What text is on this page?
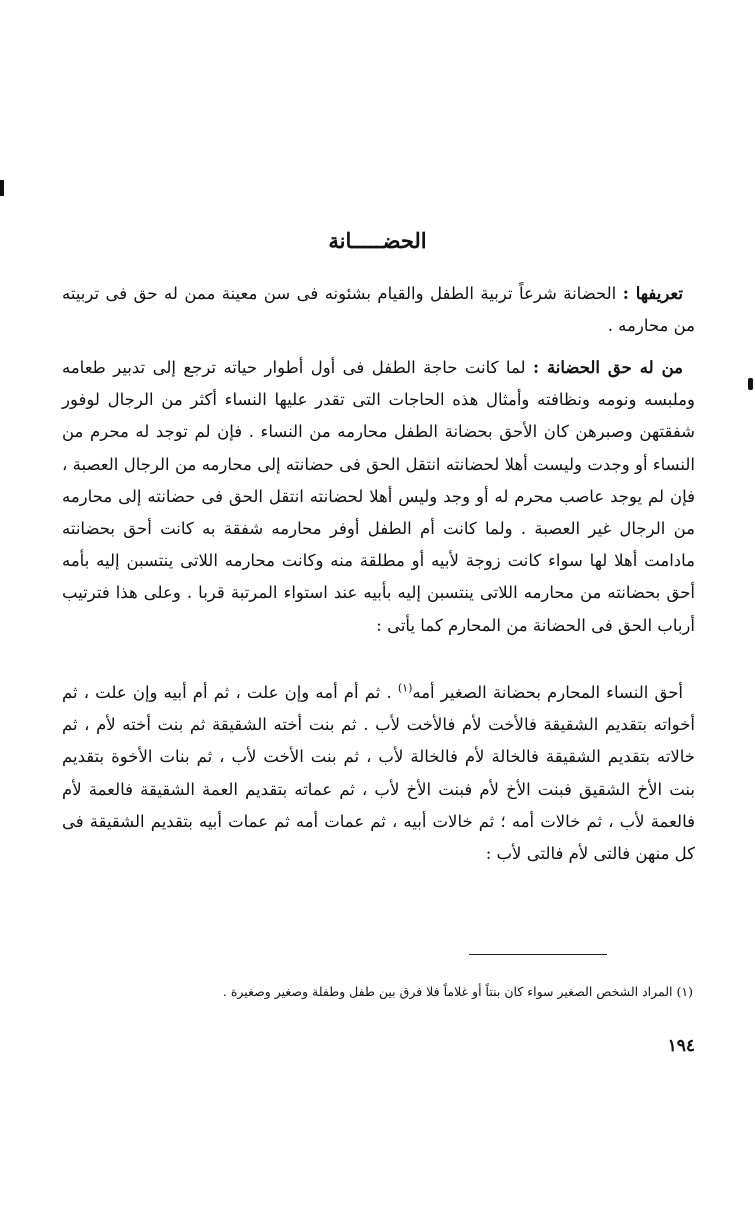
الحضـــــانة

تعريفها : الحضانة شرعاً تربية الطفل والقيام بشئونه فى سن معينة ممن له حق فى تربيته من محارمه .

من له حق الحضانة : لما كانت حاجة الطفل فى أول أطوار حياته ترجع إلى تدبير طعامه وملبسه ونومه ونظافته وأمثال هذه الحاجات التى تقدر عليها النساء أكثر من الرجال لوفور شفقتهن وصبرهن كان الأحق بحضانة الطفل محارمه من النساء . فإن لم توجد له محرم من النساء أو وجدت وليست أهلا لحضانته انتقل الحق فى حضانته إلى محارمه من الرجال العصبة ، فإن لم يوجد عاصب محرم له أو وجد وليس أهلا لحضانته انتقل الحق فى حضانته إلى محارمه من الرجال غير العصبة . ولما كانت أم الطفل أوفر محارمه شفقة به كانت أحق بحضانته مادامت أهلا لها سواء كانت زوجة لأبيه أو مطلقة منه وكانت محارمه اللاتى ينتسبن إليه بأمه أحق بحضانته من محارمه اللاتى ينتسبن إليه بأبيه عند استواء المرتبة قربا . وعلى هذا فترتيب أرباب الحق فى الحضانة من المحارم كما يأتى :

أحق النساء المحارم بحضانة الصغير أمه$^{(١)}$ . ثم أم أمه وإن علت ، ثم أم أبيه وإن علت ، ثم أخواته بتقديم الشقيقة فالأخت لأم فالأخت لأب . ثم بنت أخته الشقيقة ثم بنت أخته لأم ، ثم خالاته بتقديم الشقيقة فالخالة لأم فالخالة لأب ، ثم بنت الأخت لأب ، ثم بنات الأخوة بتقديم بنت الأخ الشقيق فبنت الأخ لأم فبنت الأخ لأب ، ثم عماته بتقديم العمة الشقيقة فالعمة لأم فالعمة لأب ، ثم خالات أمه ؛ ثم خالات أبيه ، ثم عمات أمه ثم عمات أبيه بتقديم الشقيقة فى كل منهن فالتى لأم فالتى لأب :

(١) المراد الشخص الصغير سواء كان بنتاً أو غلاماً فلا فرق بين طفل وطفلة وصغير وصغيرة .
١٩٤
